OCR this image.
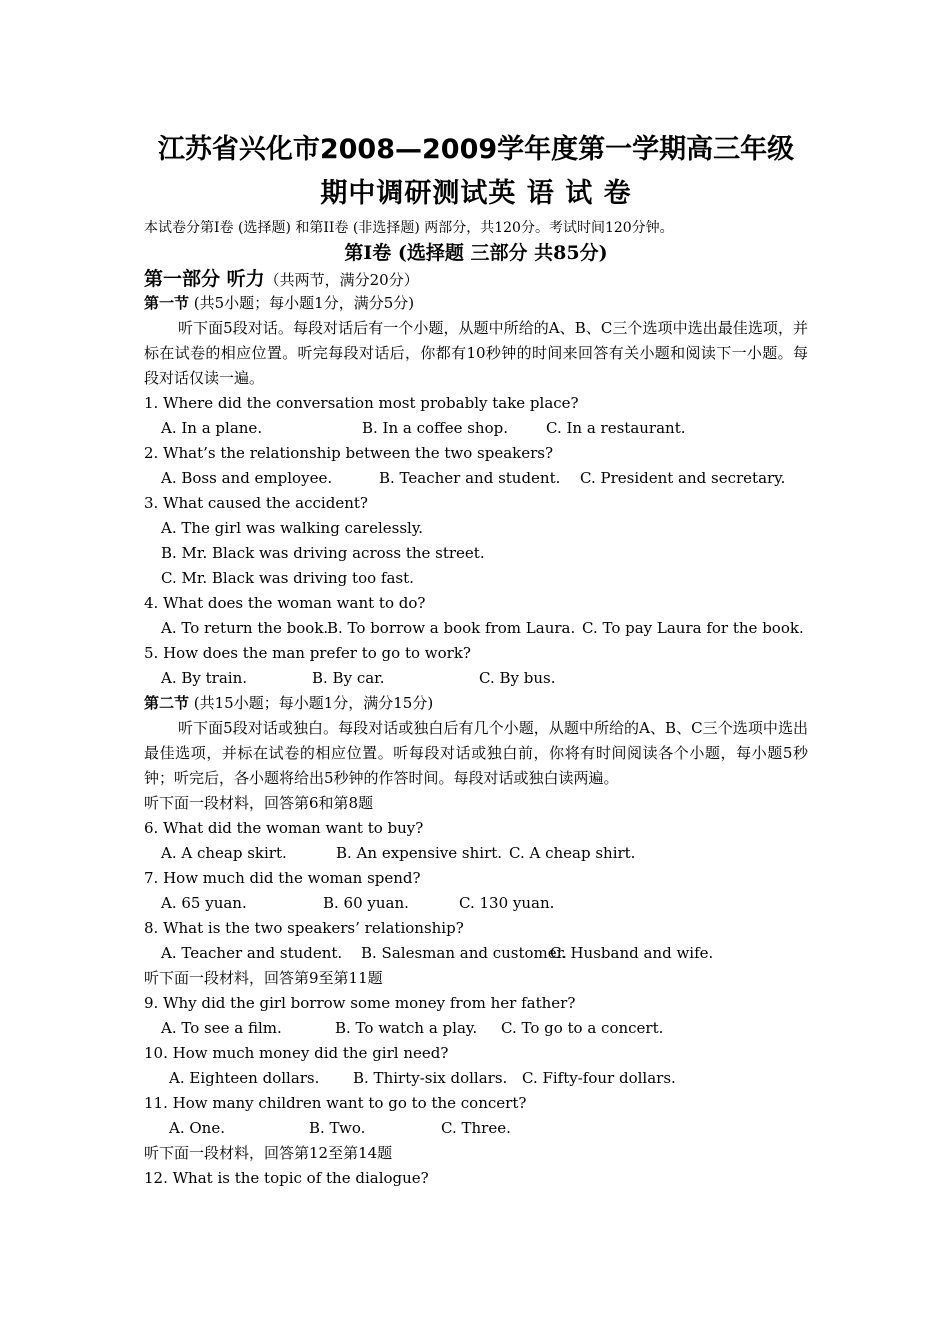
江苏省兴化市2008—2009学年度第一学期高三年级
期中调研测试英 语 试 卷
本试卷分第Ⅰ卷 (选择题) 和第II卷 (非选择题) 两部分，共120分。考试时间120分钟。
第I卷 (选择题 三部分 共85分)
第一部分 听力（共两节，满分20分）
第一节 (共5小题；每小题1分，满分5分)
听下面5段对话。每段对话后有一个小题，从题中所给的A、B、C三个选项中选出最佳选项，并标在试卷的相应位置。听完每段对话后，你都有10秒钟的时间来回答有关小题和阅读下一小题。每段对话仅读一遍。
1. Where did the conversation most probably take place?
A. In a plane.	B. In a coffee shop.	C. In a restaurant.
2. What’s the relationship between the two speakers?
A. Boss and employee.	B. Teacher and student. C. President and secretary.
3. What caused the accident?
A. The girl was walking carelessly.
B. Mr. Black was driving across the street.
C. Mr. Black was driving too fast.
4. What does the woman want to do?
A. To return the book.B. To borrow a book from Laura. C. To pay Laura for the book.
5. How does the man prefer to go to work?
A. By train.	B. By car.	C. By bus.
第二节 (共15小题；每小题1分，满分15分)
听下面5段对话或独白。每段对话或独白后有几个小题，从题中所给的A、B、C三个选项中选出最佳选项，并标在试卷的相应位置。听每段对话或独白前，你将有时间阅读各个小题，每小题5秒钟；听完后，各小题将给出5秒钟的作答时间。每段对话或独白读两遍。
听下面一段材料，回答第6和第8题
6. What did the woman want to buy?
A. A cheap skirt.	B. An expensive shirt. C. A cheap shirt.
7. How much did the woman spend?
A. 65 yuan.	B. 60 yuan.	C. 130 yuan.
8. What is the two speakers’ relationship?
A. Teacher and student. B. Salesman and customer.C. Husband and wife.
听下面一段材料，回答第9至第11题
9. Why did the girl borrow some money from her father?
A. To see a film.	B. To watch a play. C. To go to a concert.
10. How much money did the girl need?
A. Eighteen dollars. B. Thirty-six dollars. C. Fifty-four dollars.
11. How many children want to go to the concert?
A. One.	B. Two.	C. Three.
听下面一段材料，回答第12至第14题
12. What is the topic of the dialogue?
